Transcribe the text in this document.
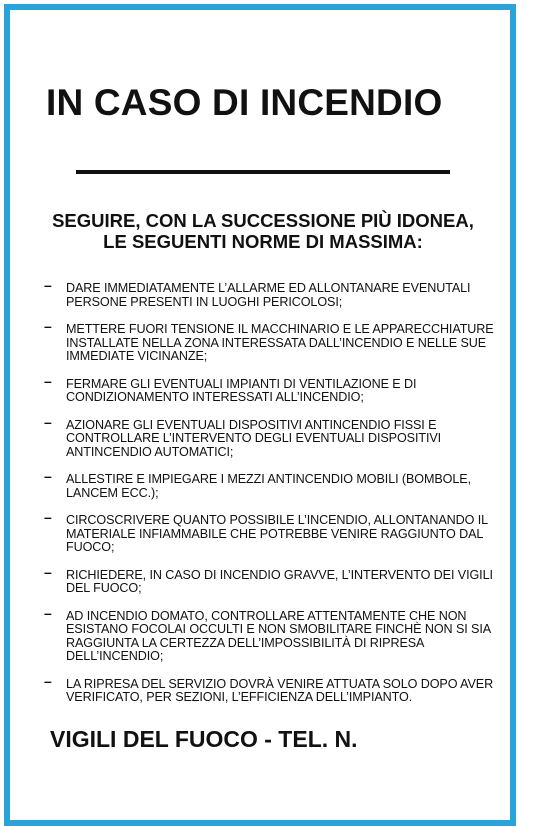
IN CASO DI INCENDIO

SEGUIRE, CON LA SUCCESSIONE PIÙ IDONEA, LE SEGUENTI NORME DI MASSIMA:

– DARE IMMEDIATAMENTE L’ALLARME ED ALLONTANARE EVENUTALI PERSONE PRESENTI IN LUOGHI PERICOLOSI;
– METTERE FUORI TENSIONE IL MACCHINARIO E LE APPARECCHIATURE INSTALLATE NELLA ZONA INTERESSATA DALL’INCENDIO E NELLE SUE IMMEDIATE VICINANZE;
– FERMARE GLI EVENTUALI IMPIANTI DI VENTILAZIONE E DI CONDIZIONAMENTO INTERESSATI ALL’INCENDIO;
– AZIONARE GLI EVENTUALI DISPOSITIVI ANTINCENDIO FISSI E CONTROLLARE L’INTERVENTO DEGLI EVENTUALI DISPOSITIVI ANTINCENDIO AUTOMATICI;
– ALLESTIRE E IMPIEGARE I MEZZI ANTINCENDIO MOBILI (BOMBOLE, LANCEM ECC.);
– CIRCOSCRIVERE QUANTO POSSIBILE L’INCENDIO, ALLONTANANDO IL MATERIALE INFIAMMABILE CHE POTREBBE VENIRE RAGGIUNTO DAL FUOCO;
– RICHIEDERE, IN CASO DI INCENDIO GRAVVE, L’INTERVENTO DEI VIGILI DEL FUOCO;
– AD INCENDIO DOMATO, CONTROLLARE ATTENTAMENTE CHE NON ESISTANO FOCOLAI OCCULTI E NON SMOBILITARE FINCHÈ NON SI SIA RAGGIUNTA LA CERTEZZA DELL’IMPOSSIBILITÀ DI RIPRESA DELL’INCENDIO;
– LA RIPRESA DEL SERVIZIO DOVRÀ VENIRE ATTUATA SOLO DOPO AVER VERIFICATO, PER SEZIONI, L’EFFICIENZA DELL’IMPIANTO.

VIGILI DEL FUOCO - TEL. N.
